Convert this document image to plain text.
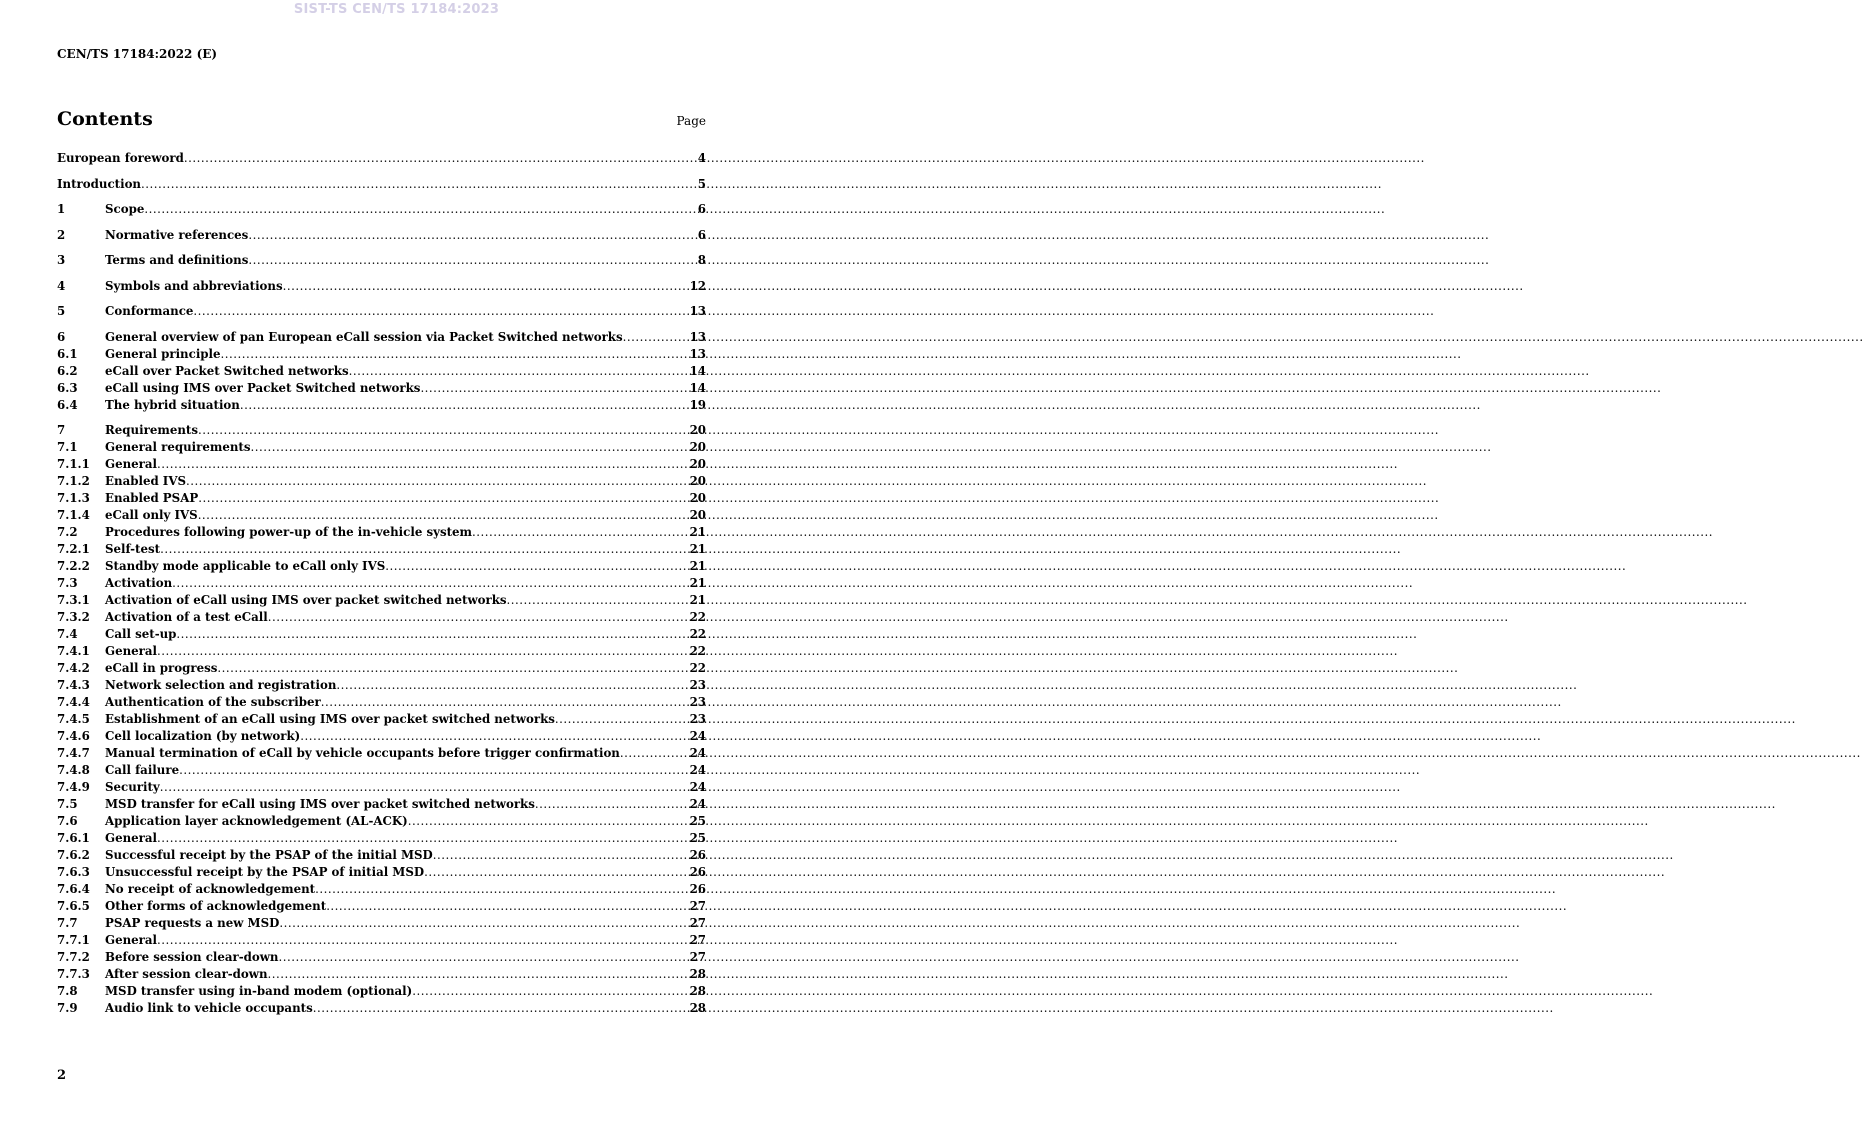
SIST-TS CEN/TS 17184:2023
CEN/TS 17184:2022 (E)
Contents	Page
European foreword .....	4
Introduction .....	5
1	Scope .....	6
2	Normative references .....	6
3	Terms and definitions .....	8
4	Symbols and abbreviations .....	12
5	Conformance .....	13
6	General overview of pan European eCall session via Packet Switched networks .....	13
6.1	General principle .....	13
6.2	eCall over Packet Switched networks .....	14
6.3	eCall using IMS over Packet Switched networks .....	14
6.4	The hybrid situation .....	19
7	Requirements .....	20
7.1	General requirements .....	20
7.1.1	General .....	20
7.1.2	Enabled IVS .....	20
7.1.3	Enabled PSAP .....	20
7.1.4	eCall only IVS .....	20
7.2	Procedures following power-up of the in-vehicle system .....	21
7.2.1	Self-test .....	21
7.2.2	Standby mode applicable to eCall only IVS .....	21
7.3	Activation .....	21
7.3.1	Activation of eCall using IMS over packet switched networks .....	21
7.3.2	Activation of a test eCall .....	22
7.4	Call set-up .....	22
7.4.1	General .....	22
7.4.2	eCall in progress .....	22
7.4.3	Network selection and registration .....	23
7.4.4	Authentication of the subscriber .....	23
7.4.5	Establishment of an eCall using IMS over packet switched networks .....	23
7.4.6	Cell localization (by network) .....	24
7.4.7	Manual termination of eCall by vehicle occupants before trigger confirmation .....	24
7.4.8	Call failure .....	24
7.4.9	Security .....	24
7.5	MSD transfer for eCall using IMS over packet switched networks .....	24
7.6	Application layer acknowledgement (AL-ACK) .....	25
7.6.1	General .....	25
7.6.2	Successful receipt by the PSAP of the initial MSD .....	26
7.6.3	Unsuccessful receipt by the PSAP of initial MSD .....	26
7.6.4	No receipt of acknowledgement .....	26
7.6.5	Other forms of acknowledgement .....	27
7.7	PSAP requests a new MSD .....	27
7.7.1	General .....	27
7.7.2	Before session clear-down .....	27
7.7.3	After session clear-down .....	28
7.8	MSD transfer using in-band modem (optional) .....	28
7.9	Audio link to vehicle occupants .....	28
2
